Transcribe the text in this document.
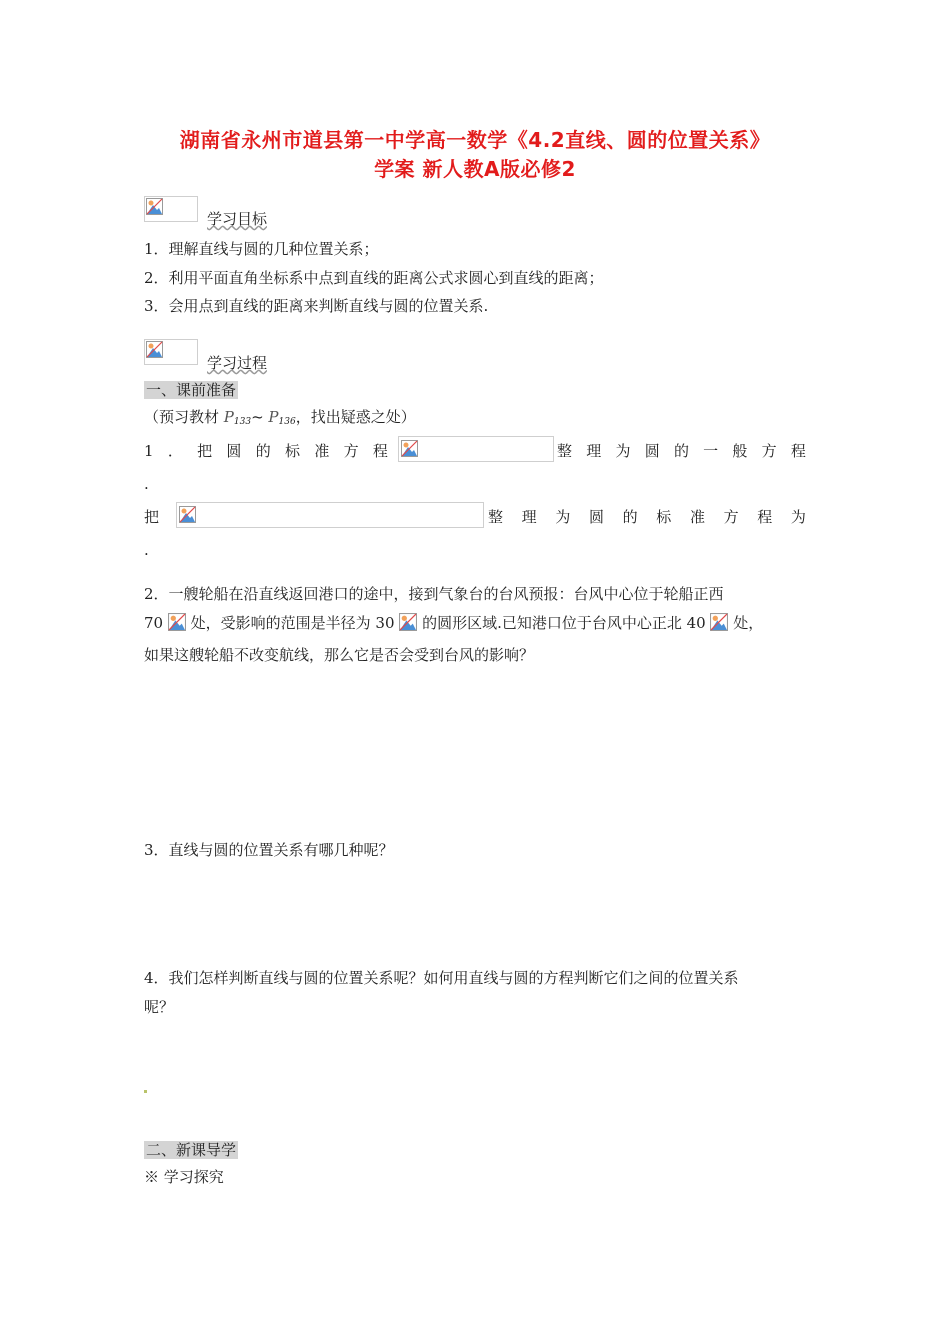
湖南省永州市道县第一中学高一数学《4.2直线、圆的位置关系》
学案 新人教A版必修2
学习目标
1．理解直线与圆的几种位置关系；
2．利用平面直角坐标系中点到直线的距离公式求圆心到直线的距离；
3．会用点到直线的距离来判断直线与圆的位置关系.
学习过程
一、课前准备
（预习教材 $P_{133}\sim$ $P_{136}$，找出疑惑之处）
1 ． 把 圆 的 标 准 方 程	整 理 为 圆 的 一 般 方 程
.
把	整 理 为 圆 的 标 准 方 程 为
.
2．一艘轮船在沿直线返回港口的途中，接到气象台的台风预报：台风中心位于轮船正西
70 处，受影响的范围是半径为 30 的圆形区域.已知港口位于台风中心正北 40 处，
如果这艘轮船不改变航线，那么它是否会受到台风的影响？
3．直线与圆的位置关系有哪几种呢？
4．我们怎样判断直线与圆的位置关系呢？如何用直线与圆的方程判断它们之间的位置关系
呢？
二、新课导学
※ 学习探究
